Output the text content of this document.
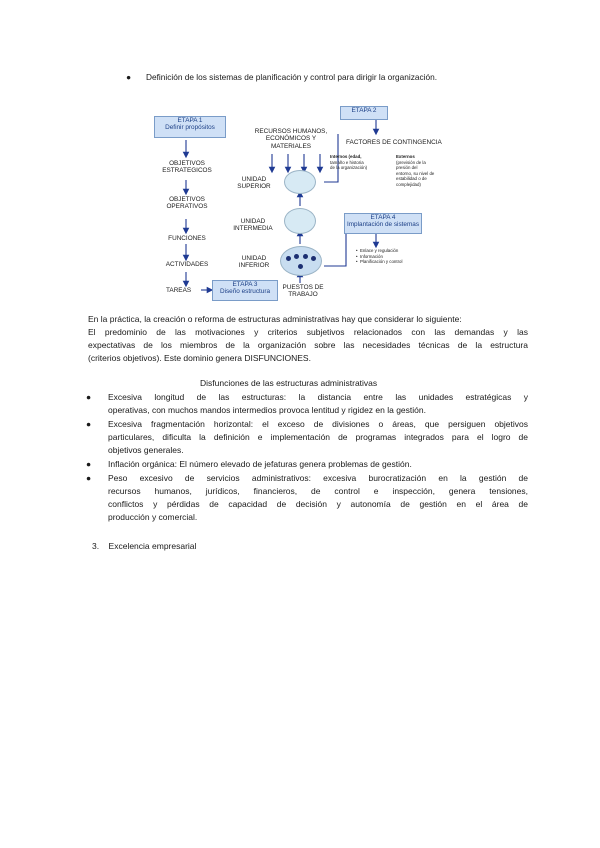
● Definición de los sistemas de planificación y control para dirigir la organización.
ETAPA 1
Definir propósitos
OBJETIVOS
ESTRATEGICOS
OBJETIVOS
OPERATIVOS
FUNCIONES
ACTIVIDADES
TAREAS
ETAPA 3
Diseño estructura
RECURSOS HUMANOS,
ECONÓMICOS Y
MATERIALES
UNIDAD
SUPERIOR
UNIDAD
INTERMEDIA
UNIDAD
INFERIOR
PUESTOS DE
TRABAJO
ETAPA 2
FACTORES DE CONTINGENCIA
Internos (edad,
tamaño e historia
de la organización)
Externos
(previsión de la
presión del
entorno, su nivel de
estabilidad o de
complejidad)
ETAPA 4
Implantación de sistemas
•  Enlace y regulación
•  Información
•  Planificación y control
En la práctica, la creación o reforma de estructuras administrativas hay que considerar lo siguiente:
El predominio de las motivaciones y criterios subjetivos relacionados con las demandas y las
expectativas de los miembros de la organización sobre las necesidades técnicas de la estructura
(criterios objetivos). Este dominio genera DISFUNCIONES.
Disfunciones de las estructuras administrativas
● Excesiva longitud de las estructuras: la distancia entre las unidades estratégicas y
operativas, con muchos mandos intermedios provoca lentitud y rigidez en la gestión.
● Excesiva fragmentación horizontal: el exceso de divisiones o áreas, que persiguen objetivos
particulares, dificulta la definición e implementación de programas integrados para el logro de
objetivos generales.
● Inflación orgánica: El número elevado de jefaturas genera problemas de gestión.
● Peso excesivo de servicios administrativos: excesiva burocratización en la gestión de
recursos humanos, jurídicos, financieros, de control e inspección, genera tensiones,
conflictos y pérdidas de capacidad de decisión y autonomía de gestión en el área de
producción y comercial.
3. Excelencia empresarial
